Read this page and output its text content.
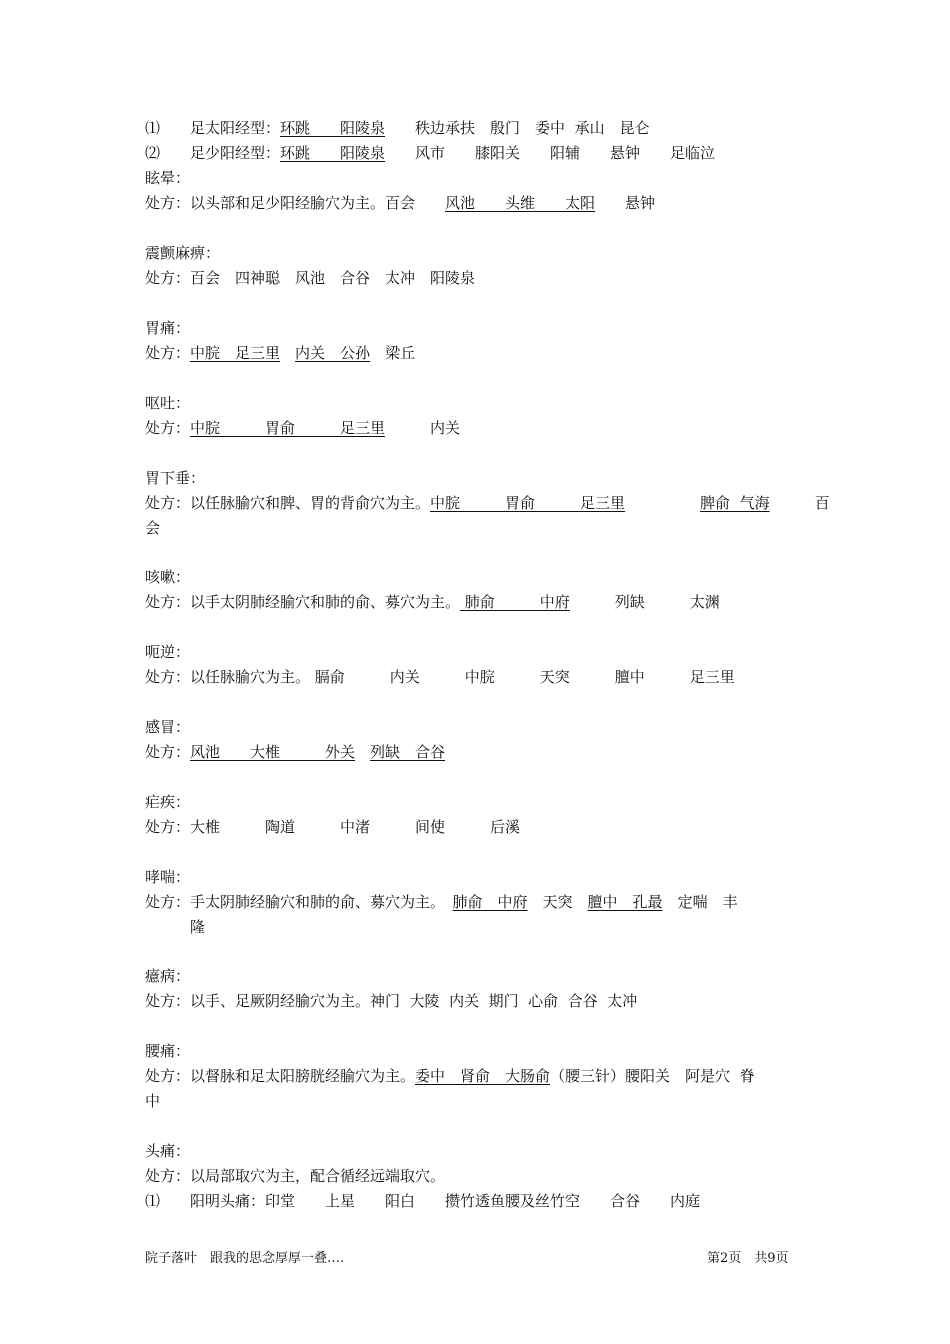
⑴　　足太阳经型：环跳　　阳陵泉　　秩边承扶　殷门　委中  承山　昆仑
⑵　　足少阳经型：环跳　　阳陵泉　　风市　　膝阳关　　阳辅　　悬钟　　足临泣
眩晕：
处方：以头部和足少阳经腧穴为主。百会　　风池　　头维　　太阳　　悬钟
震颤麻痹：
处方：百会　四神聪　风池　合谷　太冲　阳陵泉
胃痛：
处方：中脘　足三里　 内关　公孙　梁丘
呕吐：
处方：中脘　　　胃俞　　　足三里　　　内关
胃下垂：
处方：以任脉腧穴和脾、胃的背俞穴为主。中脘　　　胃俞　　　足三里　　　　　	脾俞  气海　　　百
会
咳嗽：
处方：以手太阴肺经腧穴和肺的俞、募穴为主。 肺俞　　　中府　　　列缺　　　太渊
呃逆：
处方：以任脉腧穴为主。 膈俞　　　内关　　　中脘　　　天突　　　膻中　　　足三里
感冒：
处方：风池　　大椎　　　外关　 列缺　合谷
疟疾：
处方：大椎　　　陶道　　　中渚　　　间使　　　后溪
哮喘：
处方：手太阴肺经腧穴和肺的俞、募穴为主。　肺俞　中府　天突　膻中　孔最　定喘　丰
　　　隆
癔病：
处方：以手、足厥阴经腧穴为主。神门  大陵  内关  期门  心俞  合谷  太冲
腰痛：
处方：以督脉和足太阳膀胱经腧穴为主。委中　肾俞　大肠俞（腰三针）腰阳关　阿是穴  脊
中
头痛：
处方：以局部取穴为主，配合循经远端取穴。
⑴　　阳明头痛：印堂　　上星　　阳白　　攒竹透鱼腰及丝竹空　　合谷　　内庭
院子落叶　跟我的思念厚厚一叠….	第2页　共9页
